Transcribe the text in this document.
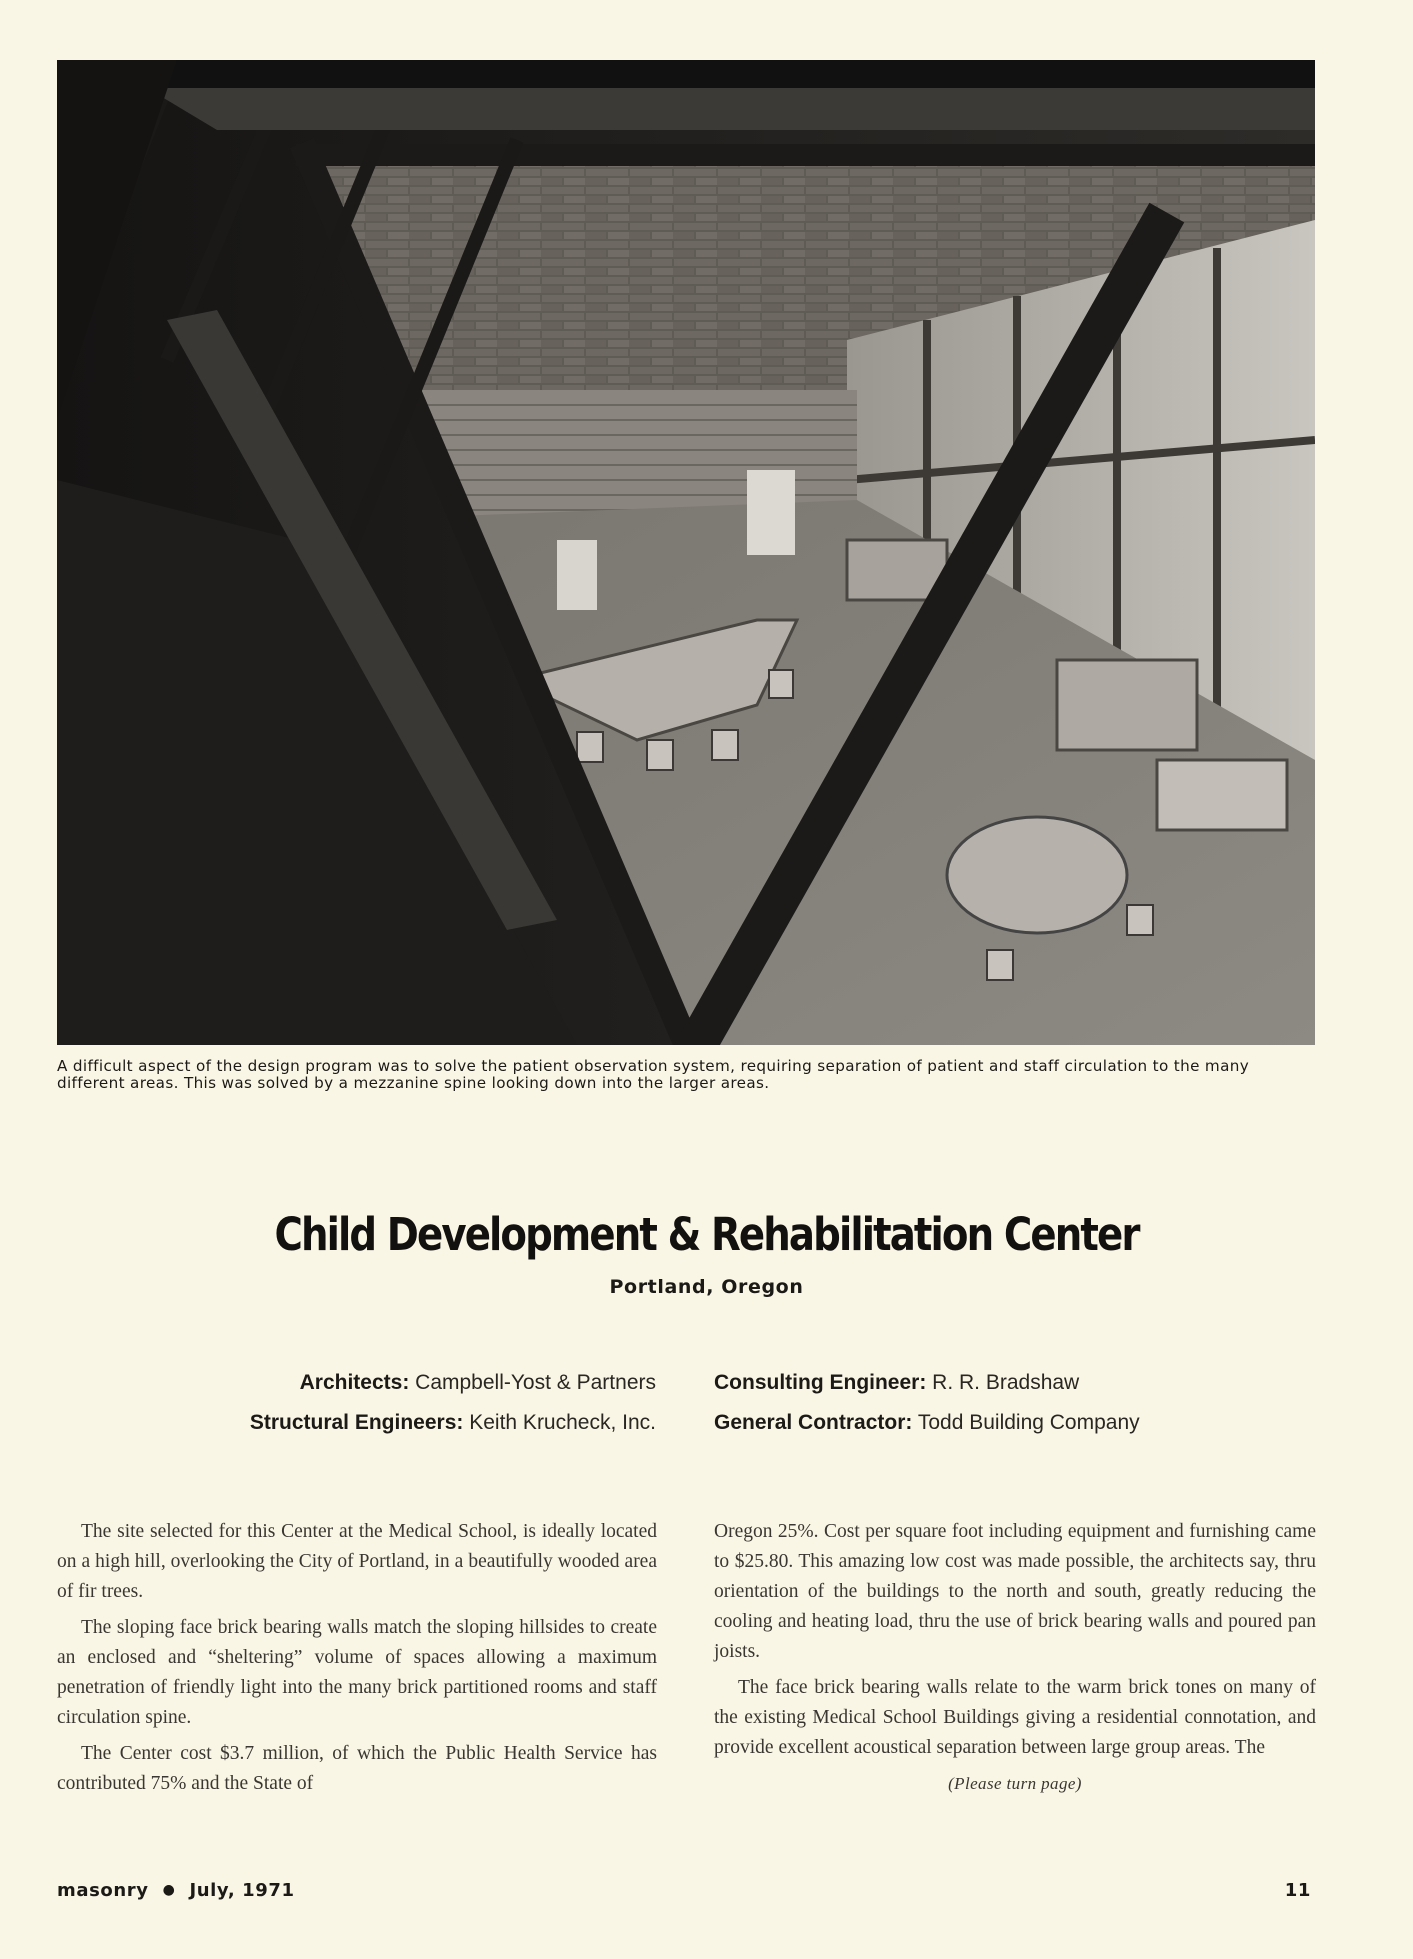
A difficult aspect of the design program was to solve the patient observation system, requiring separation of patient and staff circulation to the many different areas. This was solved by a mezzanine spine looking down into the larger areas.

Child Development & Rehabilitation Center

Portland, Oregon

Architects: Campbell-Yost & Partners
Structural Engineers: Keith Krucheck, Inc.
Consulting Engineer: R. R. Bradshaw
General Contractor: Todd Building Company

The site selected for this Center at the Medical School, is ideally located on a high hill, overlooking the City of Portland, in a beautifully wooded area of fir trees.

The sloping face brick bearing walls match the sloping hillsides to create an enclosed and “sheltering” volume of spaces allowing a maximum penetration of friendly light into the many brick partitioned rooms and staff circulation spine.

The Center cost $3.7 million, of which the Public Health Service has contributed 75% and the State of

Oregon 25%. Cost per square foot including equipment and furnishing came to $25.80. This amazing low cost was made possible, the architects say, thru orientation of the buildings to the north and south, greatly reducing the cooling and heating load, thru the use of brick bearing walls and poured pan joists.

The face brick bearing walls relate to the warm brick tones on many of the existing Medical School Buildings giving a residential connotation, and provide excellent acoustical separation between large group areas. The

(Please turn page)
masonry ● July, 1971	11
